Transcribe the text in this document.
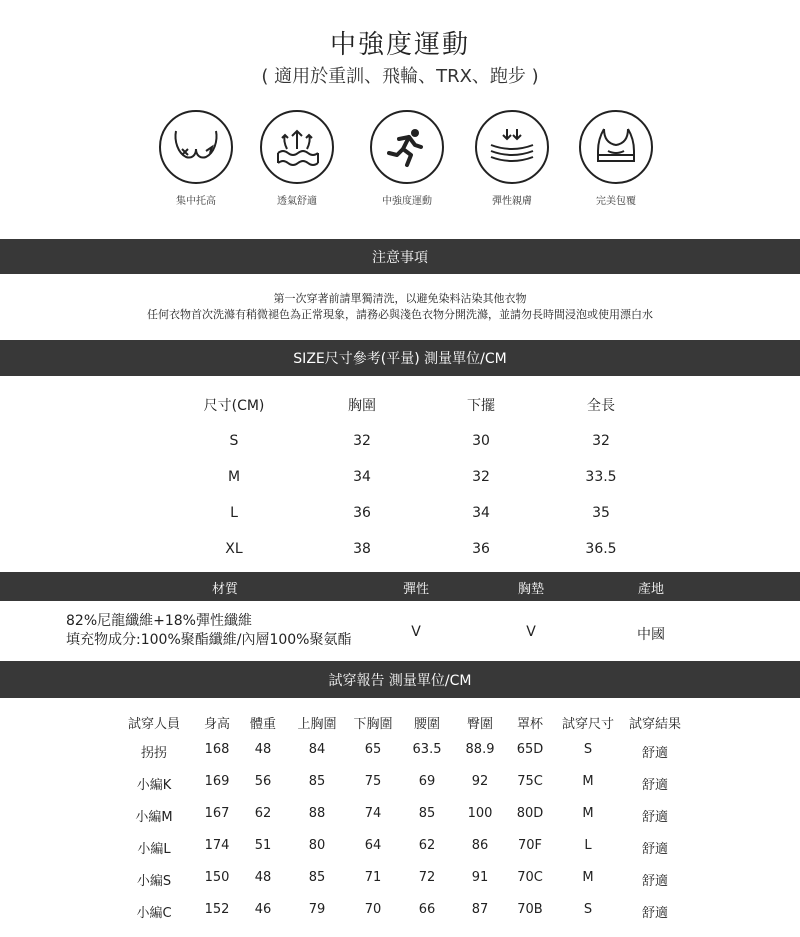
中強度運動
( 適用於重訓、飛輪、TRX、跑步 )
集中托高	透氣舒適	中強度運動	彈性親膚	完美包覆
注意事項
第一次穿著前請單獨清洗，以避免染料沾染其他衣物
任何衣物首次洗滌有稍微褪色為正常現象，請務必與淺色衣物分開洗滌，並請勿長時間浸泡或使用漂白水
SIZE尺寸參考(平量) 測量單位/CM
尺寸(CM)	胸圍	下擺	全長
S	32	30	32
M	34	32	33.5
L	36	34	35
XL	38	36	36.5
材質	彈性	胸墊	產地
82%尼龍纖維+18%彈性纖維
填充物成分:100%聚酯纖維/內層100%聚氨酯	V	V	中國
試穿報告 測量單位/CM
試穿人員 身高 體重 上胸圍 下胸圍 腰圍 臀圍 罩杯 試穿尺寸 試穿結果
拐拐	168 48	84	65 63.5 88.9 65D	S	舒適
小編K	169 56	85	75	69	92 75C	M	舒適
小編M 167 62	88	74	85 100 80D	M	舒適
小編L	174 51	80	64	62	86 70F	L	舒適
小編S	150 48	85	71	72	91 70C	M	舒適
小編C	152 46	79	70	66	87 70B	S	舒適
